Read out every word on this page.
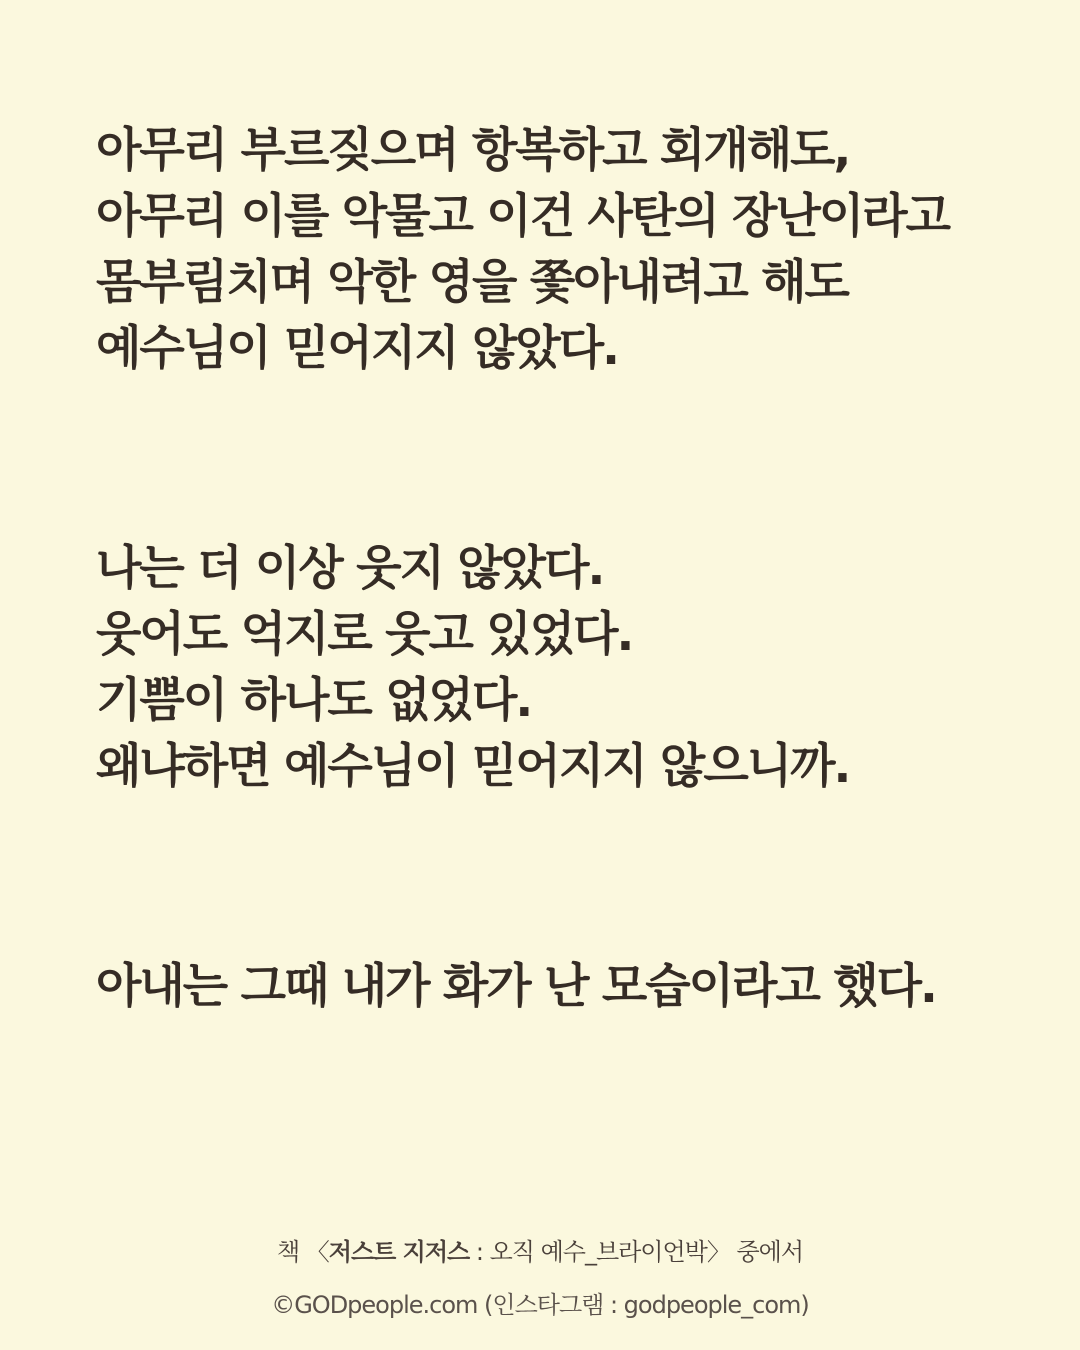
아무리 부르짖으며 항복하고 회개해도,
아무리 이를 악물고 이건 사탄의 장난이라고
몸부림치며 악한 영을 쫓아내려고 해도
예수님이 믿어지지 않았다.
나는 더 이상 웃지 않았다.
웃어도 억지로 웃고 있었다.
기쁨이 하나도 없었다.
왜냐하면 예수님이 믿어지지 않으니까.
아내는 그때 내가 화가 난 모습이라고 했다.
책 〈저스트 지저스 : 오직 예수_브라이언박〉 중에서
©GODpeople.com (인스타그램 : godpeople_com)
